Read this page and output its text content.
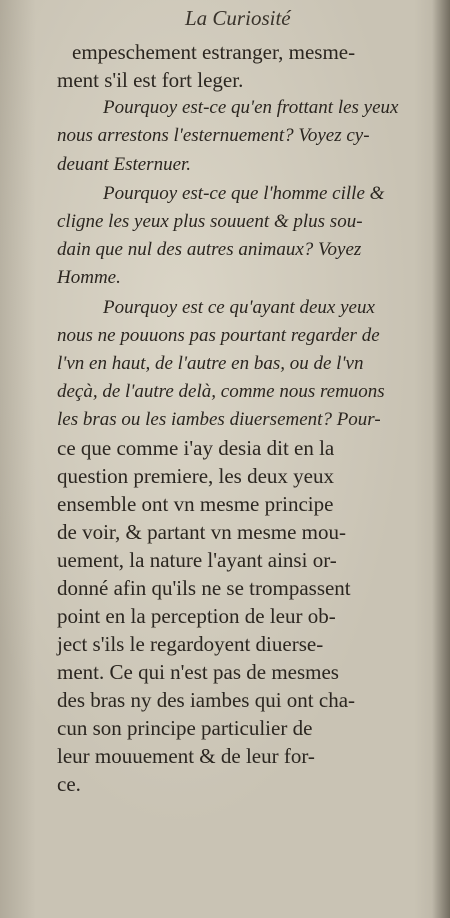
La Curiosité
empeschement estranger, mesme-
ment s'il est fort leger.
Pourquoy est-ce qu'en frottant les yeux
nous arrestons l'esternuement? Voyez cy-
deuant Esternuer.
Pourquoy est-ce que l'homme cille &
cligne les yeux plus souuent & plus sou-
dain que nul des autres animaux? Voyez
Homme.
Pourquoy est ce qu'ayant deux yeux
nous ne pouuons pas pourtant regarder de
l'vn en haut, de l'autre en bas, ou de l'vn
deçà, de l'autre delà, comme nous remuons
les bras ou les iambes diuersement? Pour-
ce que comme i'ay desia dit en la
question premiere, les deux yeux
ensemble ont vn mesme principe
de voir, & partant vn mesme mou-
uement, la nature l'ayant ainsi or-
donné afin qu'ils ne se trompassent
point en la perception de leur ob-
ject s'ils le regardoyent diuerse-
ment. Ce qui n'est pas de mesmes
des bras ny des iambes qui ont cha-
cun son principe particulier de
leur mouuement & de leur for-
ce.
